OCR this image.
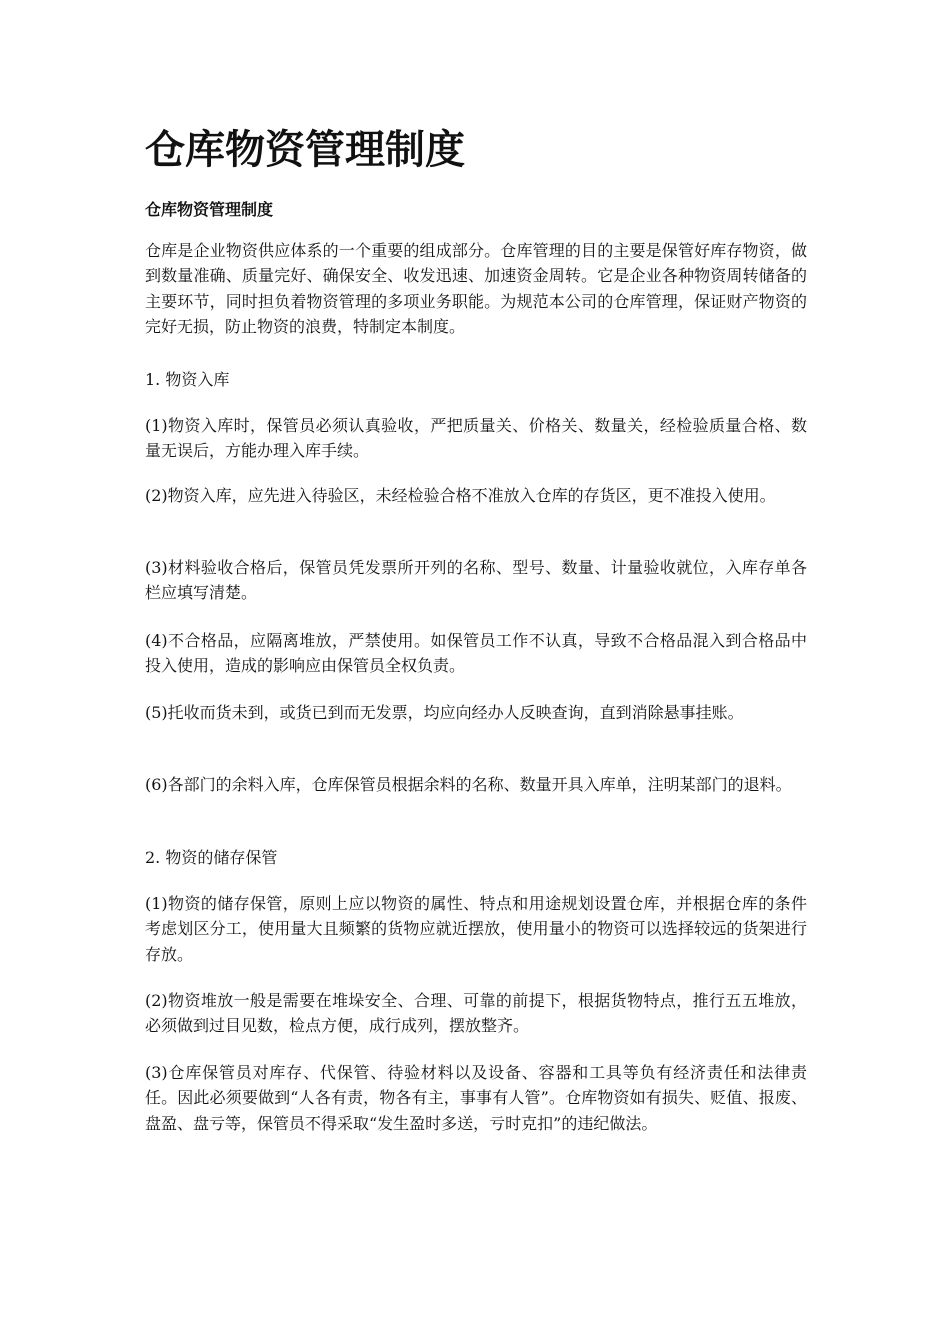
仓库物资管理制度

仓库物资管理制度

仓库是企业物资供应体系的一个重要的组成部分。仓库管理的目的主要是保管好库存物资，做到数量准确、质量完好、确保安全、收发迅速、加速资金周转。它是企业各种物资周转储备的主要环节，同时担负着物资管理的多项业务职能。为规范本公司的仓库管理，保证财产物资的完好无损，防止物资的浪费，特制定本制度。

1. 物资入库

(1)物资入库时，保管员必须认真验收，严把质量关、价格关、数量关，经检验质量合格、数量无误后，方能办理入库手续。

(2)物资入库，应先进入待验区，未经检验合格不准放入仓库的存货区，更不准投入使用。

(3)材料验收合格后，保管员凭发票所开列的名称、型号、数量、计量验收就位，入库存单各栏应填写清楚。

(4)不合格品，应隔离堆放，严禁使用。如保管员工作不认真，导致不合格品混入到合格品中投入使用，造成的影响应由保管员全权负责。

(5)托收而货未到，或货已到而无发票，均应向经办人反映查询，直到消除悬事挂账。

(6)各部门的余料入库，仓库保管员根据余料的名称、数量开具入库单，注明某部门的退料。

2. 物资的储存保管

(1)物资的储存保管，原则上应以物资的属性、特点和用途规划设置仓库，并根据仓库的条件考虑划区分工，使用量大且频繁的货物应就近摆放，使用量小的物资可以选择较远的货架进行存放。

(2)物资堆放一般是需要在堆垛安全、合理、可靠的前提下，根据货物特点，推行五五堆放，必须做到过目见数，检点方便，成行成列，摆放整齐。

(3)仓库保管员对库存、代保管、待验材料以及设备、容器和工具等负有经济责任和法律责任。因此必须要做到“人各有责，物各有主，事事有人管”。仓库物资如有损失、贬值、报废、盘盈、盘亏等，保管员不得采取“发生盈时多送，亏时克扣”的违纪做法。
